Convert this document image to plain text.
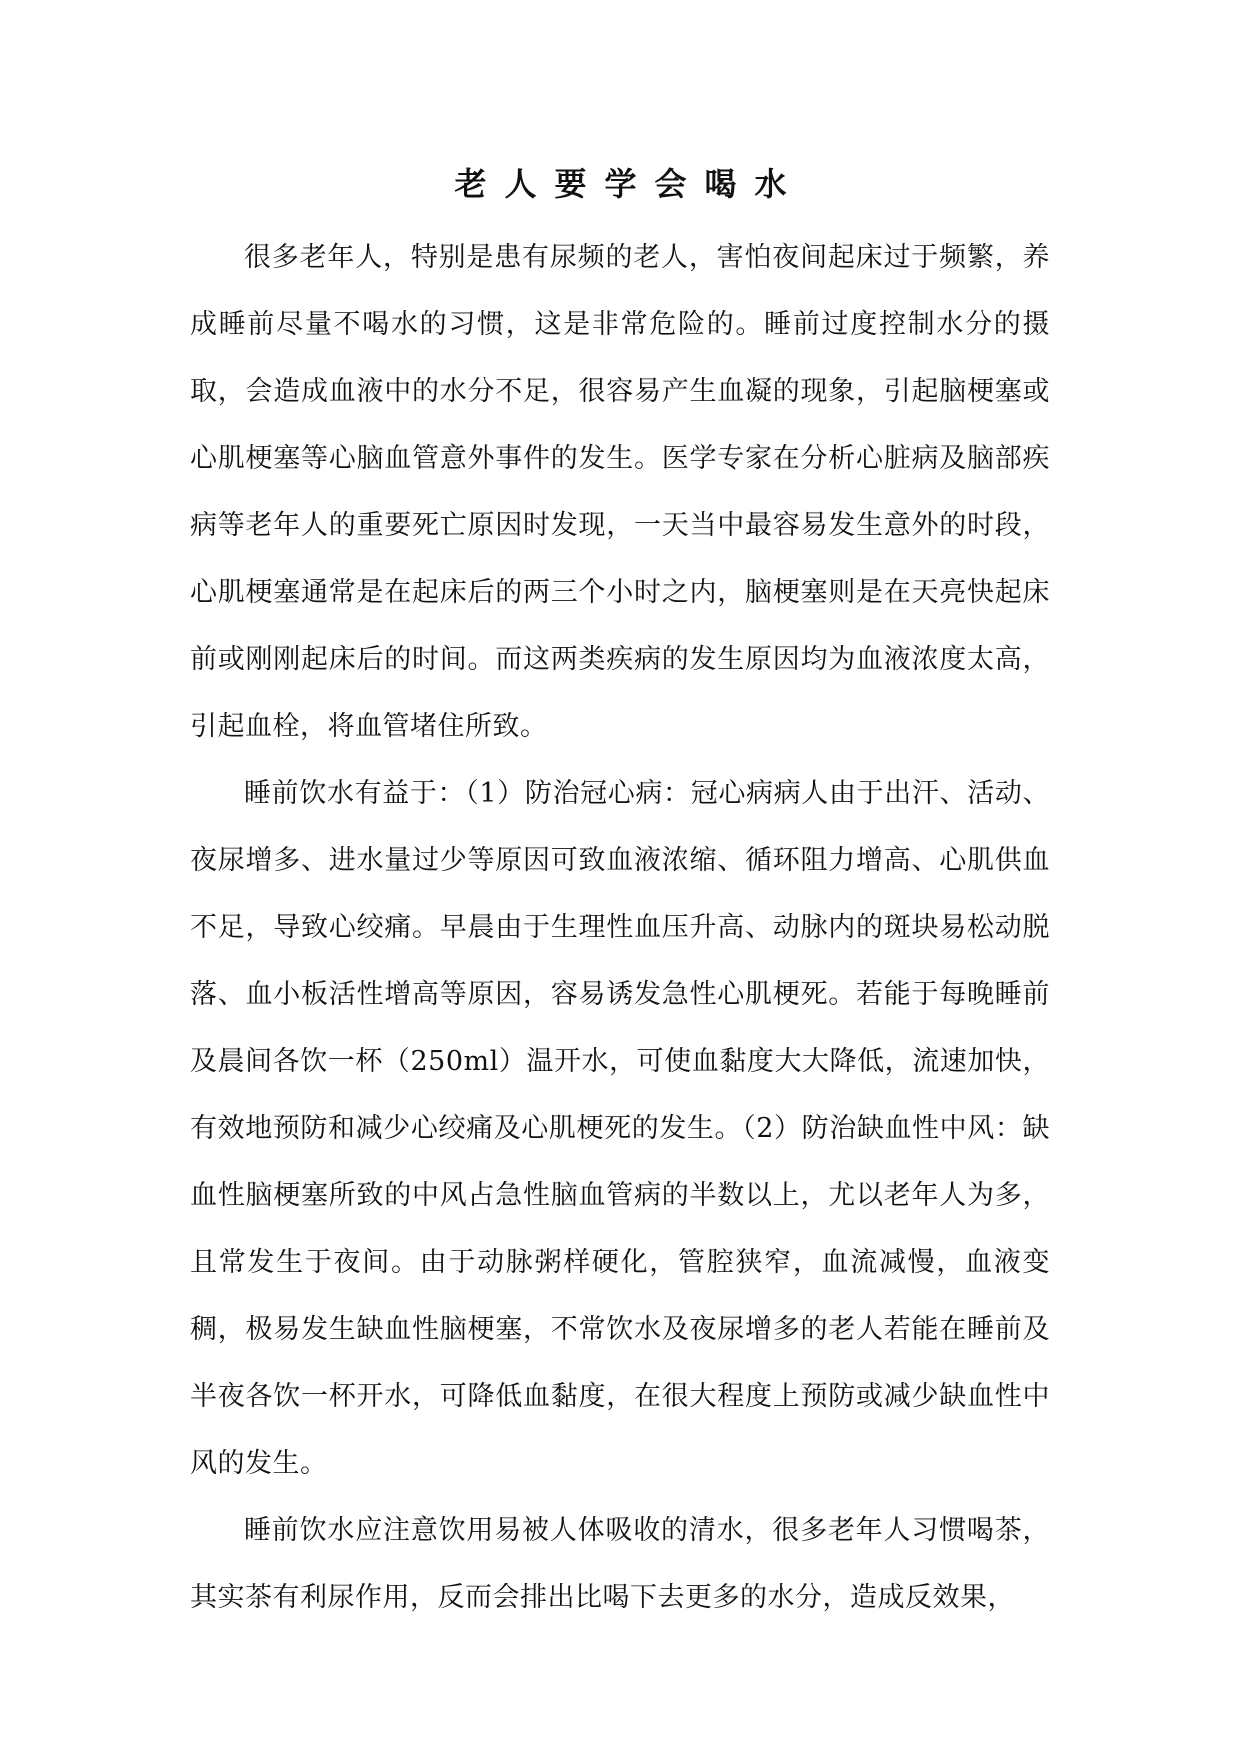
老人要学会喝水

很多老年人，特别是患有尿频的老人，害怕夜间起床过于频繁，养成睡前尽量不喝水的习惯，这是非常危险的。睡前过度控制水分的摄取，会造成血液中的水分不足，很容易产生血凝的现象，引起脑梗塞或心肌梗塞等心脑血管意外事件的发生。医学专家在分析心脏病及脑部疾病等老年人的重要死亡原因时发现，一天当中最容易发生意外的时段，心肌梗塞通常是在起床后的两三个小时之内，脑梗塞则是在天亮快起床前或刚刚起床后的时间。而这两类疾病的发生原因均为血液浓度太高，引起血栓，将血管堵住所致。

睡前饮水有益于：（1）防治冠心病：冠心病病人由于出汗、活动、夜尿增多、进水量过少等原因可致血液浓缩、循环阻力增高、心肌供血不足，导致心绞痛。早晨由于生理性血压升高、动脉内的斑块易松动脱落、血小板活性增高等原因，容易诱发急性心肌梗死。若能于每晚睡前及晨间各饮一杯（250ml）温开水，可使血黏度大大降低，流速加快，有效地预防和减少心绞痛及心肌梗死的发生。（2）防治缺血性中风：缺血性脑梗塞所致的中风占急性脑血管病的半数以上，尤以老年人为多，且常发生于夜间。由于动脉粥样硬化，管腔狭窄，血流减慢，血液变稠，极易发生缺血性脑梗塞，不常饮水及夜尿增多的老人若能在睡前及半夜各饮一杯开水，可降低血黏度，在很大程度上预防或减少缺血性中风的发生。

睡前饮水应注意饮用易被人体吸收的清水，很多老年人习惯喝茶，其实茶有利尿作用，反而会排出比喝下去更多的水分，造成反效果，
